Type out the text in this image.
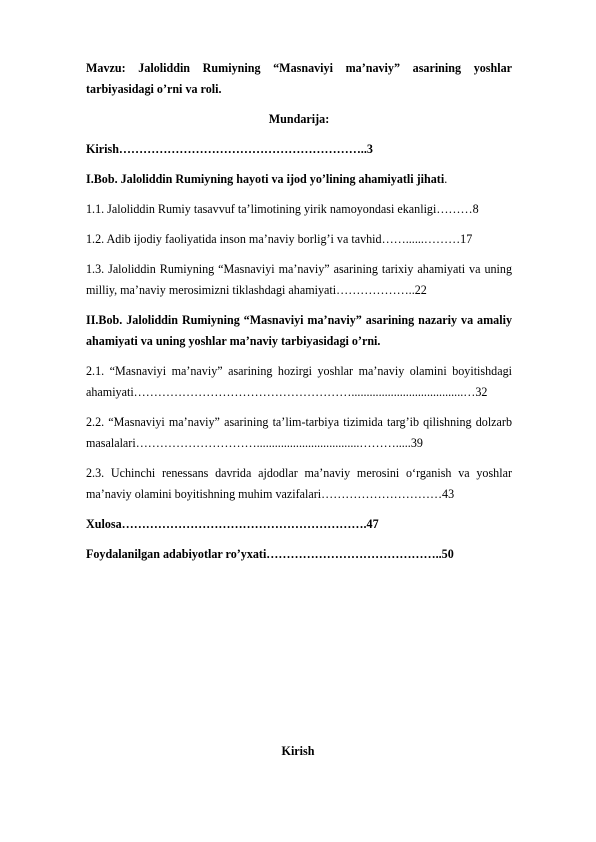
Mavzu: Jaloliddin Rumiyning “Masnaviyi ma’naviy” asarining yoshlar

tarbiyasidagi o’rni va roli.

Mundarija:

Kirish……………………………………………………..3

I.Bob. Jaloliddin Rumiyning hayoti va ijod yo’lining ahamiyatli jihati.

1.1. Jaloliddin Rumiy tasavvuf ta’limotining yirik namoyondasi ekanligi………8

1.2. Adib ijodiy faoliyatida inson ma’naviy borlig’i va tavhid……......………17

1.3. Jaloliddin Rumiyning “Masnaviyi ma’naviy” asarining tarixiy ahamiyati va uning milliy, ma’naviy merosimizni tiklashdagi ahamiyati………………..22

II.Bob. Jaloliddin Rumiyning “Masnaviyi ma’naviy” asarining nazariy va amaliy ahamiyati va uning yoshlar ma’naviy tarbiyasidagi o’rni.

2.1. “Masnaviyi ma’naviy” asarining hozirgi yoshlar ma’naviy olamini boyitishdagi ahamiyati……………………………………………….....................................…32

2.2. “Masnaviyi ma’naviy” asarining ta’lim-tarbiya tizimida targ’ib qilishning dolzarb masalalari…………………………..................................……….....39

2.3. Uchinchi renessans davrida ajdodlar ma’naviy merosini o‘rganish va yoshlar ma’naviy olamini boyitishning muhim vazifalari…………………………43

Xulosa…………………………………………………….47

Foydalanilgan adabiyotlar ro’yxati……………………………………..50

Kirish
